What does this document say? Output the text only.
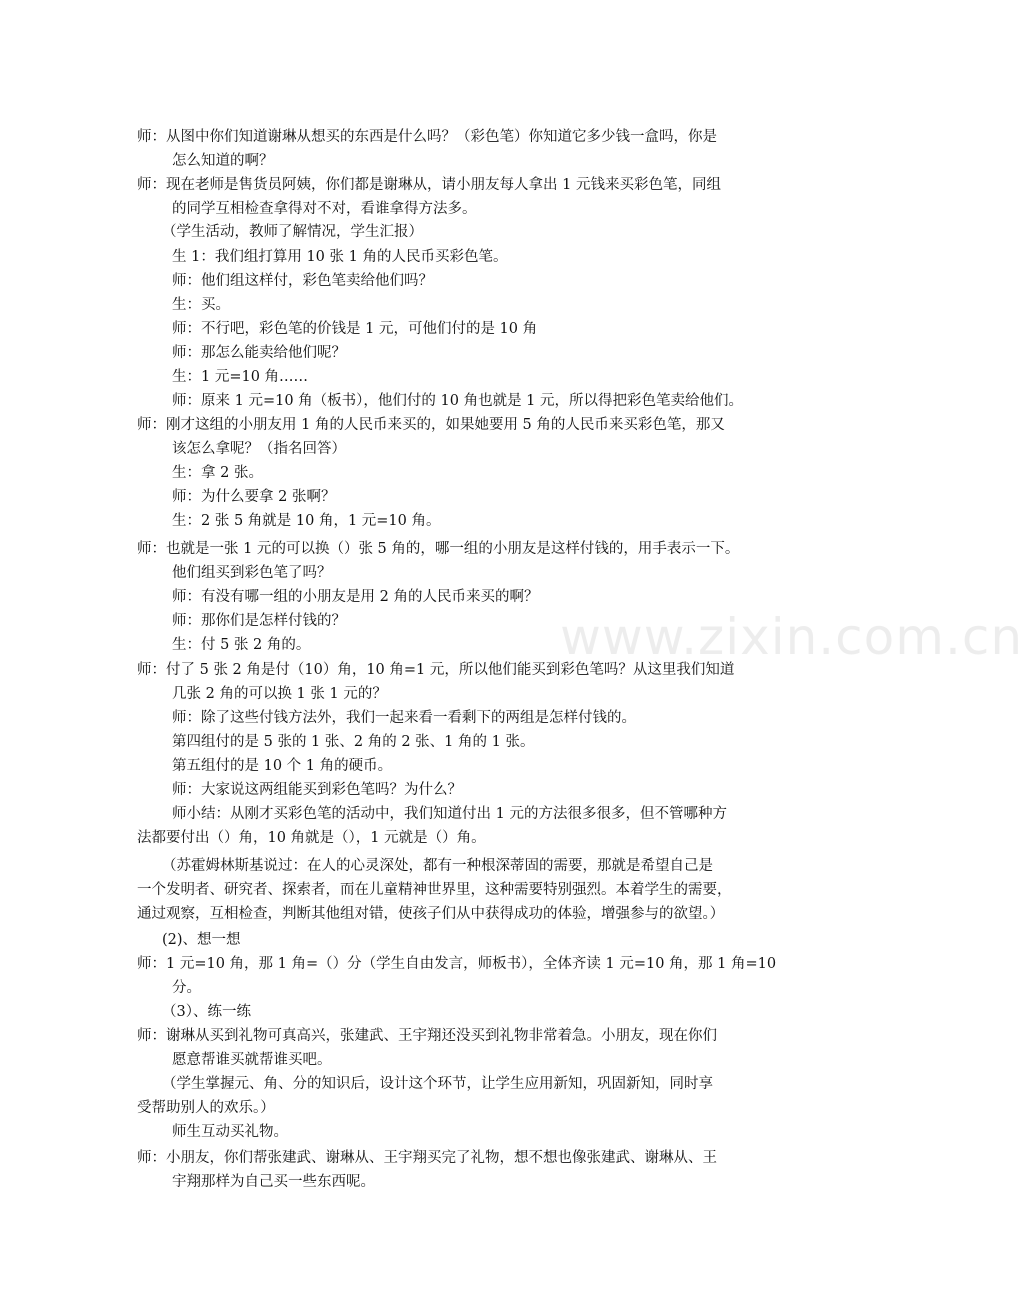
www.zixin.com.cn
师：从图中你们知道谢琳从想买的东西是什么吗？（彩色笔）你知道它多少钱一盒吗，你是
怎么知道的啊？
师：现在老师是售货员阿姨，你们都是谢琳从，请小朋友每人拿出 1 元钱来买彩色笔，同组
的同学互相检查拿得对不对，看谁拿得方法多。
（学生活动，教师了解情况，学生汇报）
生 1：我们组打算用 10 张 1 角的人民币买彩色笔。
师：他们组这样付，彩色笔卖给他们吗？
生：买。
师：不行吧，彩色笔的价钱是 1 元，可他们付的是 10 角
师：那怎么能卖给他们呢？
生：1 元=10 角……
师：原来 1 元=10 角（板书），他们付的 10 角也就是 1 元，所以得把彩色笔卖给他们。
师：刚才这组的小朋友用 1 角的人民币来买的，如果她要用 5 角的人民币来买彩色笔，那又
该怎么拿呢？（指名回答）
生：拿 2 张。
师：为什么要拿 2 张啊？
生：2 张 5 角就是 10 角，1 元=10 角。
师：也就是一张 1 元的可以换（）张 5 角的，哪一组的小朋友是这样付钱的，用手表示一下。
他们组买到彩色笔了吗？
师：有没有哪一组的小朋友是用 2 角的人民币来买的啊？
师：那你们是怎样付钱的？
生：付 5 张 2 角的。
师：付了 5 张 2 角是付（10）角，10 角=1 元，所以他们能买到彩色笔吗？从这里我们知道
几张 2 角的可以换 1 张 1 元的？
师：除了这些付钱方法外，我们一起来看一看剩下的两组是怎样付钱的。
第四组付的是 5 张的 1 张、2 角的 2 张、1 角的 1 张。
第五组付的是 10 个 1 角的硬币。
师：大家说这两组能买到彩色笔吗？为什么？
师小结：从刚才买彩色笔的活动中，我们知道付出 1 元的方法很多很多，但不管哪种方
法都要付出（）角，10 角就是（），1 元就是（）角。
（苏霍姆林斯基说过：在人的心灵深处，都有一种根深蒂固的需要，那就是希望自己是
一个发明者、研究者、探索者，而在儿童精神世界里，这种需要特别强烈。本着学生的需要，
通过观察，互相检查，判断其他组对错，使孩子们从中获得成功的体验，增强参与的欲望。）
(2)、想一想
师：1 元=10 角，那 1 角=（）分（学生自由发言，师板书），全体齐读 1 元=10 角，那 1 角=10
分。
（3）、练一练
师：谢琳从买到礼物可真高兴，张建武、王宇翔还没买到礼物非常着急。小朋友，现在你们
愿意帮谁买就帮谁买吧。
（学生掌握元、角、分的知识后，设计这个环节，让学生应用新知，巩固新知，同时享
受帮助别人的欢乐。）
师生互动买礼物。
师：小朋友，你们帮张建武、谢琳从、王宇翔买完了礼物，想不想也像张建武、谢琳从、王
宇翔那样为自己买一些东西呢。
